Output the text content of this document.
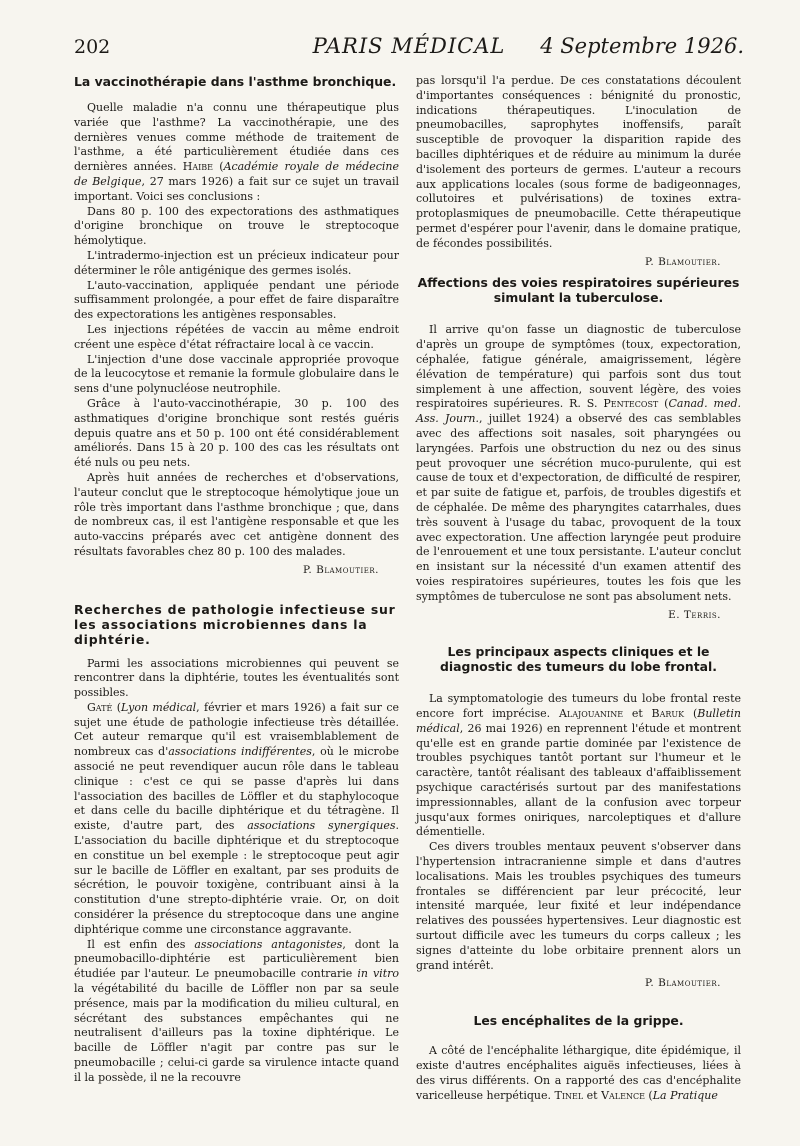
202	PARIS MÉDICAL	4 Septembre 1926.
La vaccinothérapie dans l'asthme bronchique.

Quelle maladie n'a connu une thérapeutique plus variée que l'asthme? La vaccinothérapie, une des dernières venues comme méthode de traitement de l'asthme, a été particulièrement étudiée dans ces dernières années. Haibe (Académie royale de médecine de Belgique, 27 mars 1926) a fait sur ce sujet un travail important. Voici ses conclusions :

Dans 80 p. 100 des expectorations des asthmatiques d'origine bronchique on trouve le streptocoque hémolytique.

L'intradermo-injection est un précieux indicateur pour déterminer le rôle antigénique des germes isolés.

L'auto-vaccination, appliquée pendant une période suffisamment prolongée, a pour effet de faire disparaître des expectorations les antigènes responsables.

Les injections répétées de vaccin au même endroit créent une espèce d'état réfractaire local à ce vaccin.

L'injection d'une dose vaccinale appropriée provoque de la leucocytose et remanie la formule globulaire dans le sens d'une polynucléose neutrophile.

Grâce à l'auto-vaccinothérapie, 30 p. 100 des asthmatiques d'origine bronchique sont restés guéris depuis quatre ans et 50 p. 100 ont été considérablement améliorés. Dans 15 à 20 p. 100 des cas les résultats ont été nuls ou peu nets.

Après huit années de recherches et d'observations, l'auteur conclut que le streptocoque hémolytique joue un rôle très important dans l'asthme bronchique ; que, dans de nombreux cas, il est l'antigène responsable et que les auto-vaccins préparés avec cet antigène donnent des résultats favorables chez 80 p. 100 des malades.

P. Blamoutier.
Recherches de pathologie infectieuse sur les associations microbiennes dans la diphtérie.

Parmi les associations microbiennes qui peuvent se rencontrer dans la diphtérie, toutes les éventualités sont possibles.

Gaté (Lyon médical, février et mars 1926) a fait sur ce sujet une étude de pathologie infectieuse très détaillée. Cet auteur remarque qu'il est vraisemblablement de nombreux cas d'associations indifférentes, où le microbe associé ne peut revendiquer aucun rôle dans le tableau clinique : c'est ce qui se passe d'après lui dans l'association des bacilles de Löffler et du staphylocoque et dans celle du bacille diphtérique et du tétragène. Il existe, d'autre part, des associations synergiques. L'association du bacille diphtérique et du streptocoque en constitue un bel exemple : le streptocoque peut agir sur le bacille de Löffler en exaltant, par ses produits de sécrétion, le pouvoir toxigène, contribuant ainsi à la constitution d'une strepto-diphtérie vraie. Or, on doit considérer la présence du streptocoque dans une angine diphtérique comme une circonstance aggravante.

Il est enfin des associations antagonistes, dont la pneumobacillo-diphtérie est particulièrement bien étudiée par l'auteur. Le pneumobacille contrarie in vitro la végétabilité du bacille de Löffler non par sa seule présence, mais par la modification du milieu cultural, en sécrétant des substances empêchantes qui ne neutralisent d'ailleurs pas la toxine diphtérique. Le bacille de Löffler n'agit par contre pas sur le pneumobacille ; celui-ci garde sa virulence intacte quand il la possède, il ne la recouvre

pas lorsqu'il l'a perdue. De ces constatations découlent d'importantes conséquences : bénignité du pronostic, indications thérapeutiques. L'inoculation de pneumobacilles, saprophytes inoffensifs, paraît susceptible de provoquer la disparition rapide des bacilles diphtériques et de réduire au minimum la durée d'isolement des porteurs de germes. L'auteur a recours aux applications locales (sous forme de badigeonnages, collutoires et pulvérisations) de toxines extra-protoplasmiques de pneumobacille. Cette thérapeutique permet d'espérer pour l'avenir, dans le domaine pratique, de fécondes possibilités.

P. Blamoutier.
Affections des voies respiratoires supérieures simulant la tuberculose.

Il arrive qu'on fasse un diagnostic de tuberculose d'après un groupe de symptômes (toux, expectoration, céphalée, fatigue générale, amaigrissement, légère élévation de température) qui parfois sont dus tout simplement à une affection, souvent légère, des voies respiratoires supérieures. R. S. Pentecost (Canad. med. Ass. Journ., juillet 1924) a observé des cas semblables avec des affections soit nasales, soit pharyngées ou laryngées. Parfois une obstruction du nez ou des sinus peut provoquer une sécrétion muco-purulente, qui est cause de toux et d'expectoration, de difficulté de respirer, et par suite de fatigue et, parfois, de troubles digestifs et de céphalée. De même des pharyngites catarrhales, dues très souvent à l'usage du tabac, provoquent de la toux avec expectoration. Une affection laryngée peut produire de l'enrouement et une toux persistante. L'auteur conclut en insistant sur la nécessité d'un examen attentif des voies respiratoires supérieures, toutes les fois que les symptômes de tuberculose ne sont pas absolument nets.

E. Terris.
Les principaux aspects cliniques et le diagnostic des tumeurs du lobe frontal.

La symptomatologie des tumeurs du lobe frontal reste encore fort imprécise. Alajouanine et Baruk (Bulletin médical, 26 mai 1926) en reprennent l'étude et montrent qu'elle est en grande partie dominée par l'existence de troubles psychiques tantôt portant sur l'humeur et le caractère, tantôt réalisant des tableaux d'affaiblissement psychique caractérisés surtout par des manifestations impressionnables, allant de la confusion avec torpeur jusqu'aux formes oniriques, narcoleptiques et d'allure démentielle.

Ces divers troubles mentaux peuvent s'observer dans l'hypertension intracranienne simple et dans d'autres localisations. Mais les troubles psychiques des tumeurs frontales se différencient par leur précocité, leur intensité marquée, leur fixité et leur indépendance relatives des poussées hypertensives. Leur diagnostic est surtout difficile avec les tumeurs du corps calleux ; les signes d'atteinte du lobe orbitaire prennent alors un grand intérêt.

P. Blamoutier.
Les encéphalites de la grippe.

A côté de l'encéphalite léthargique, dite épidémique, il existe d'autres encéphalites aiguës infectieuses, liées à des virus différents. On a rapporté des cas d'encéphalite varicelleuse herpétique. Tinel et Valence (La Pratique
